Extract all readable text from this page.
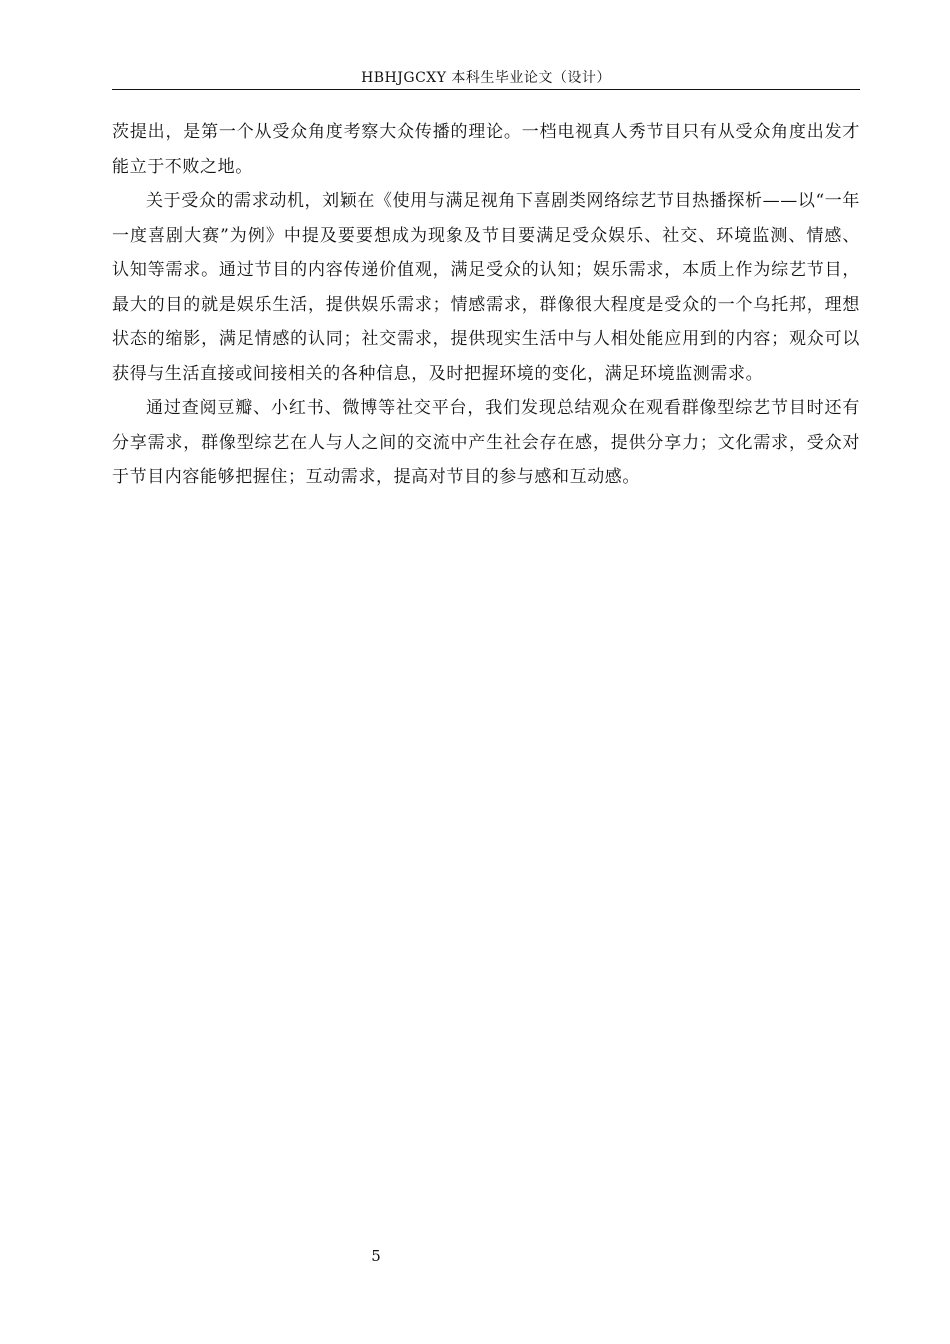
HBHJGCXY 本科生毕业论文（设计）

茨提出，是第一个从受众角度考察大众传播的理论。一档电视真人秀节目只有从受众角度出发才能立于不败之地。

关于受众的需求动机，刘颖在《使用与满足视角下喜剧类网络综艺节目热播探析——以“一年一度喜剧大赛”为例》中提及要要想成为现象及节目要满足受众娱乐、社交、环境监测、情感、认知等需求。通过节目的内容传递价值观，满足受众的认知；娱乐需求，本质上作为综艺节目，最大的目的就是娱乐生活，提供娱乐需求；情感需求，群像很大程度是受众的一个乌托邦，理想状态的缩影，满足情感的认同；社交需求，提供现实生活中与人相处能应用到的内容；观众可以获得与生活直接或间接相关的各种信息，及时把握环境的变化，满足环境监测需求。

通过查阅豆瓣、小红书、微博等社交平台，我们发现总结观众在观看群像型综艺节目时还有分享需求，群像型综艺在人与人之间的交流中产生社会存在感，提供分享力；文化需求，受众对于节目内容能够把握住；互动需求，提高对节目的参与感和互动感。

5
